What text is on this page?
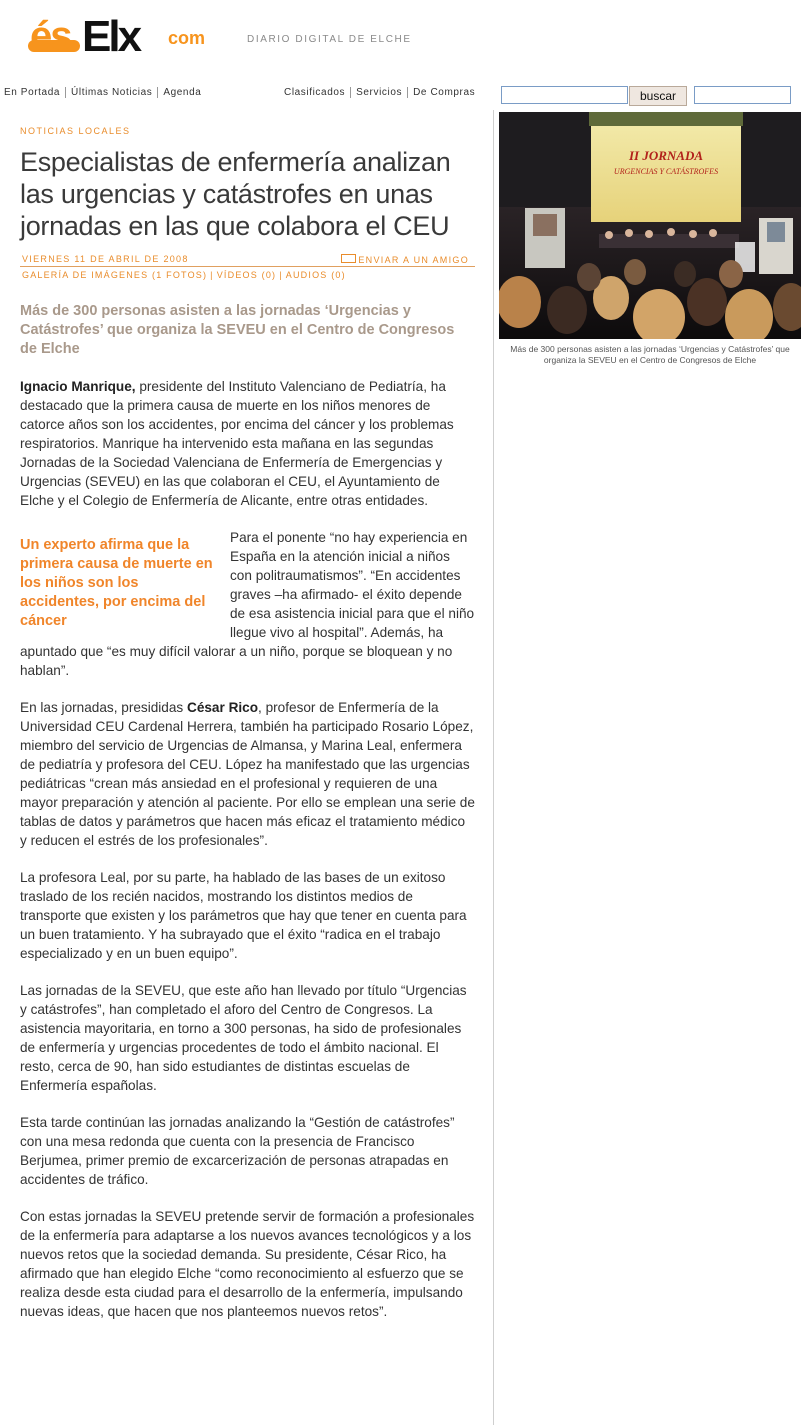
és Elx com	DIARIO DIGITAL DE ELCHE
En Portada	Últimas Noticias	Agenda	Clasificados	Servicios	De Compras	buscar
NOTICIAS LOCALES
Especialistas de enfermería analizan las urgencias y catástrofes en unas jornadas en las que colabora el CEU
VIERNES 11 DE ABRIL DE 2008	ENVIAR A UN AMIGO
GALERÍA DE IMÁGENES (1 FOTOS) | VÍDEOS (0) | AUDIOS (0)
Más de 300 personas asisten a las jornadas ‘Urgencias y Catástrofes’ que organiza la SEVEU en el Centro de Congresos de Elche

Ignacio Manrique, presidente del Instituto Valenciano de Pediatría, ha destacado que la primera causa de muerte en los niños menores de catorce años son los accidentes, por encima del cáncer y los problemas respiratorios. Manrique ha intervenido esta mañana en las segundas Jornadas de la Sociedad Valenciana de Enfermería de Emergencias y Urgencias (SEVEU) en las que colaboran el CEU, el Ayuntamiento de Elche y el Colegio de Enfermería de Alicante, entre otras entidades.

Un experto afirma que la primera causa de muerte en los niños son los accidentes, por encima del cáncer

Para el ponente “no hay experiencia en España en la atención inicial a niños con politraumatismos”. “En accidentes graves –ha afirmado- el éxito depende de esa asistencia inicial para que el niño llegue vivo al hospital”. Además, ha apuntado que “es muy difícil valorar a un niño, porque se bloquean y no hablan”.

En las jornadas, presididas César Rico, profesor de Enfermería de la Universidad CEU Cardenal Herrera, también ha participado Rosario López, miembro del servicio de Urgencias de Almansa, y Marina Leal, enfermera de pediatría y profesora del CEU. López ha manifestado que las urgencias pediátricas “crean más ansiedad en el profesional y requieren de una mayor preparación y atención al paciente. Por ello se emplean una serie de tablas de datos y parámetros que hacen más eficaz el tratamiento médico y reducen el estrés de los profesionales”.

La profesora Leal, por su parte, ha hablado de las bases de un exitoso traslado de los recién nacidos, mostrando los distintos medios de transporte que existen y los parámetros que hay que tener en cuenta para un buen tratamiento. Y ha subrayado que el éxito “radica en el trabajo especializado y en un buen equipo”.

Las jornadas de la SEVEU, que este año han llevado por título “Urgencias y catástrofes”, han completado el aforo del Centro de Congresos. La asistencia mayoritaria, en torno a 300 personas, ha sido de profesionales de enfermería y urgencias procedentes de todo el ámbito nacional. El resto, cerca de 90, han sido estudiantes de distintas escuelas de Enfermería españolas.

Esta tarde continúan las jornadas analizando la “Gestión de catástrofes” con una mesa redonda que cuenta con la presencia de Francisco Berjumea, primer premio de excarcerización de personas atrapadas en accidentes de tráfico.

Con estas jornadas la SEVEU pretende servir de formación a profesionales de la enfermería para adaptarse a los nuevos avances tecnológicos y a los nuevos retos que la sociedad demanda. Su presidente, César Rico, ha afirmado que han elegido Elche “como reconocimiento al esfuerzo que se realiza desde esta ciudad para el desarrollo de la enfermería, impulsando nuevas ideas, que hacen que nos planteemos nuevos retos”.

II JORNADA
URGENCIAS Y CATÁSTROFES
Más de 300 personas asisten a las jornadas ‘Urgencias y Catástrofes’ que organiza la SEVEU en el Centro de Congresos de Elche
